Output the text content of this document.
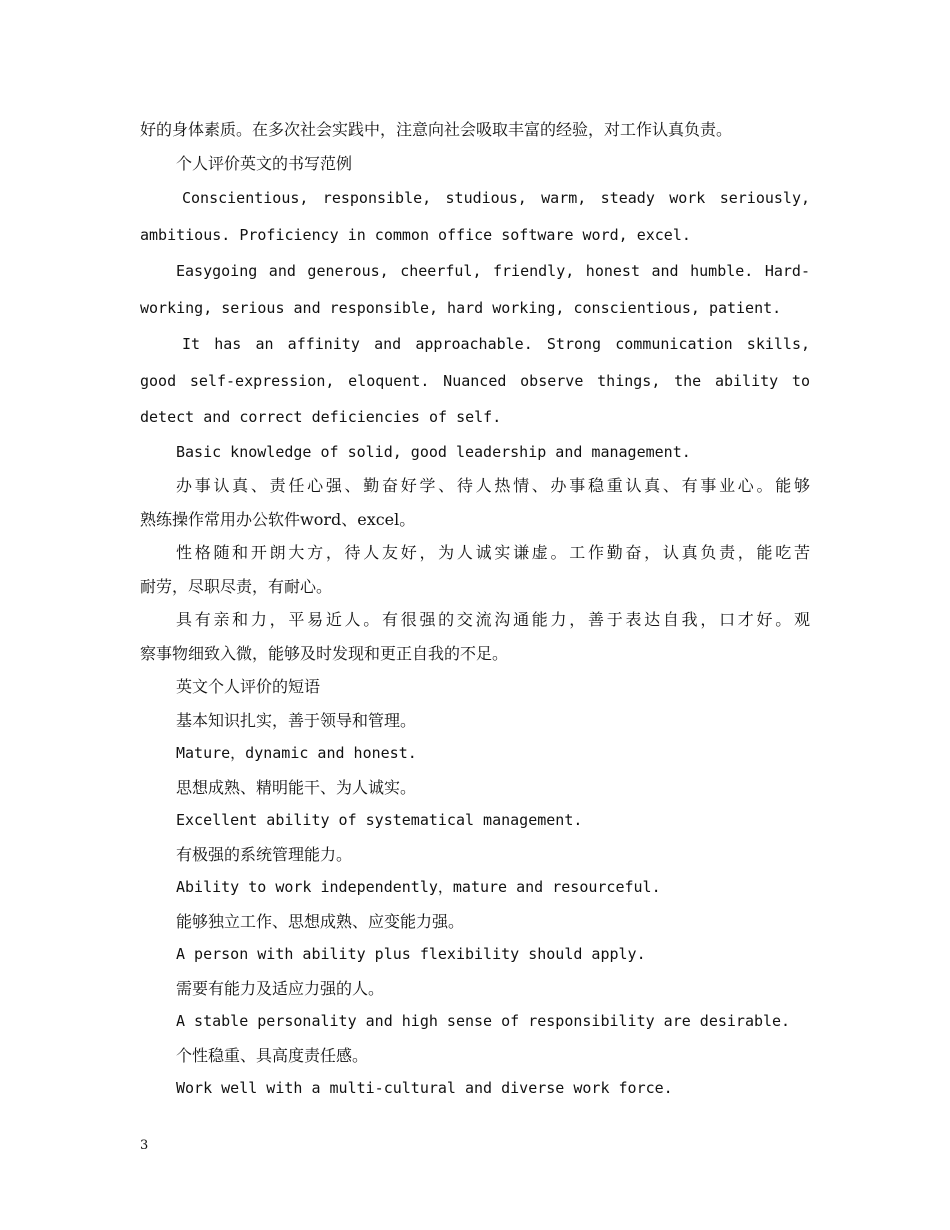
好的身体素质。在多次社会实践中，注意向社会吸取丰富的经验，对工作认真负责。
个人评价英文的书写范例
Conscientious, responsible, studious, warm, steady work seriously,
ambitious. Proficiency in common office software word, excel.
Easygoing and generous, cheerful, friendly, honest and humble. Hard-
working, serious and responsible, hard working, conscientious, patient.
It has an affinity and approachable. Strong communication skills,
good self-expression, eloquent. Nuanced observe things, the ability to
detect and correct deficiencies of self.
Basic knowledge of solid, good leadership and management.
办事认真、责任心强、勤奋好学、待人热情、办事稳重认真、有事业心。能够
熟练操作常用办公软件word、excel。
性格随和开朗大方，待人友好，为人诚实谦虚。工作勤奋，认真负责，能吃苦
耐劳，尽职尽责，有耐心。
具有亲和力，平易近人。有很强的交流沟通能力，善于表达自我，口才好。观
察事物细致入微，能够及时发现和更正自我的不足。
英文个人评价的短语
基本知识扎实，善于领导和管理。
Mature，dynamic and honest.
思想成熟、精明能干、为人诚实。
Excellent ability of systematical management.
有极强的系统管理能力。
Ability to work independently，mature and resourceful.
能够独立工作、思想成熟、应变能力强。
A person with ability plus flexibility should apply.
需要有能力及适应力强的人。
A stable personality and high sense of responsibility are desirable.
个性稳重、具高度责任感。
Work well with a multi-cultural and diverse work force.
3
